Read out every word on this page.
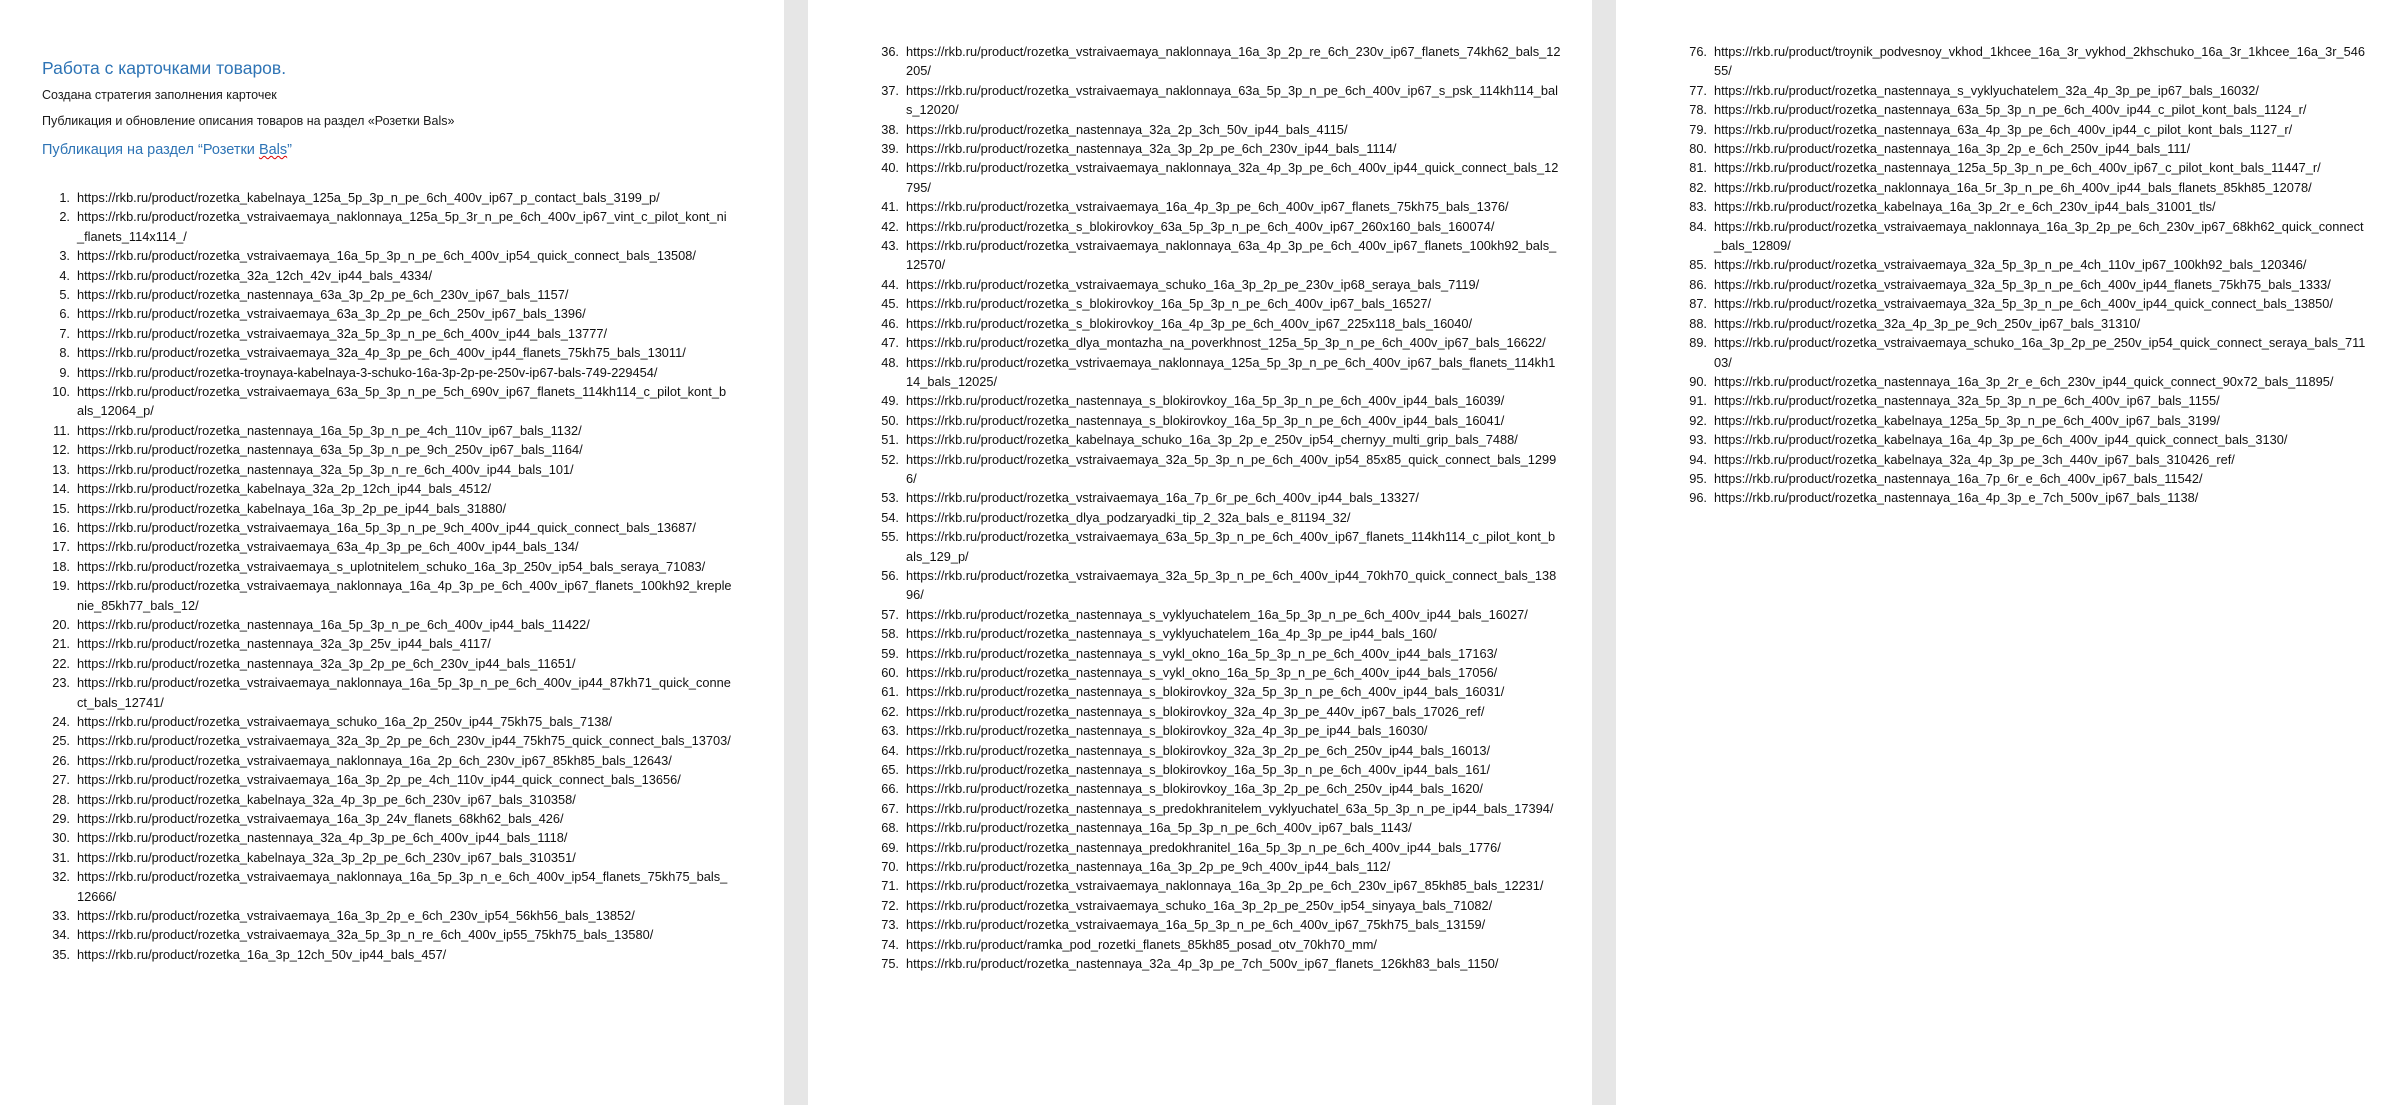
Работа с карточками товаров.
Создана стратегия заполнения карточек
Публикация и обновление описания товаров на раздел «Розетки Bals»
Публикация на раздел “Розетки Bals”
1. https://rkb.ru/product/rozetka_kabelnaya_125a_5p_3p_n_pe_6ch_400v_ip67_p_contact_bals_3199_p/
2. https://rkb.ru/product/rozetka_vstraivaemaya_naklonnaya_125a_5p_3r_n_pe_6ch_400v_ip67_vint_c_pilot_kont_ni_flanets_114x114_/
3. https://rkb.ru/product/rozetka_vstraivaemaya_16a_5p_3p_n_pe_6ch_400v_ip54_quick_connect_bals_13508/
4. https://rkb.ru/product/rozetka_32a_12ch_42v_ip44_bals_4334/
5. https://rkb.ru/product/rozetka_nastennaya_63a_3p_2p_pe_6ch_230v_ip67_bals_1157/
6. https://rkb.ru/product/rozetka_vstraivaemaya_63a_3p_2p_pe_6ch_250v_ip67_bals_1396/
7. https://rkb.ru/product/rozetka_vstraivaemaya_32a_5p_3p_n_pe_6ch_400v_ip44_bals_13777/
8. https://rkb.ru/product/rozetka_vstraivaemaya_32a_4p_3p_pe_6ch_400v_ip44_flanets_75kh75_bals_13011/
9. https://rkb.ru/product/rozetka-troynaya-kabelnaya-3-schuko-16a-3p-2p-pe-250v-ip67-bals-749-229454/
10. https://rkb.ru/product/rozetka_vstraivaemaya_63a_5p_3p_n_pe_5ch_690v_ip67_flanets_114kh114_c_pilot_kont_bals_12064_p/
11. https://rkb.ru/product/rozetka_nastennaya_16a_5p_3p_n_pe_4ch_110v_ip67_bals_1132/
12. https://rkb.ru/product/rozetka_nastennaya_63a_5p_3p_n_pe_9ch_250v_ip67_bals_1164/
13. https://rkb.ru/product/rozetka_nastennaya_32a_5p_3p_n_re_6ch_400v_ip44_bals_101/
14. https://rkb.ru/product/rozetka_kabelnaya_32a_2p_12ch_ip44_bals_4512/
15. https://rkb.ru/product/rozetka_kabelnaya_16a_3p_2p_pe_ip44_bals_31880/
16. https://rkb.ru/product/rozetka_vstraivaemaya_16a_5p_3p_n_pe_9ch_400v_ip44_quick_connect_bals_13687/
17. https://rkb.ru/product/rozetka_vstraivaemaya_63a_4p_3p_pe_6ch_400v_ip44_bals_134/
18. https://rkb.ru/product/rozetka_vstraivaemaya_s_uplotnitelem_schuko_16a_3p_250v_ip54_bals_seraya_71083/
19. https://rkb.ru/product/rozetka_vstraivaemaya_naklonnaya_16a_4p_3p_pe_6ch_400v_ip67_flanets_100kh92_kreplenie_85kh77_bals_12/
20. https://rkb.ru/product/rozetka_nastennaya_16a_5p_3p_n_pe_6ch_400v_ip44_bals_11422/
21. https://rkb.ru/product/rozetka_nastennaya_32a_3p_25v_ip44_bals_4117/
22. https://rkb.ru/product/rozetka_nastennaya_32a_3p_2p_pe_6ch_230v_ip44_bals_11651/
23. https://rkb.ru/product/rozetka_vstraivaemaya_naklonnaya_16a_5p_3p_n_pe_6ch_400v_ip44_87kh71_quick_connect_bals_12741/
24. https://rkb.ru/product/rozetka_vstraivaemaya_schuko_16a_2p_250v_ip44_75kh75_bals_7138/
25. https://rkb.ru/product/rozetka_vstraivaemaya_32a_3p_2p_pe_6ch_230v_ip44_75kh75_quick_connect_bals_13703/
26. https://rkb.ru/product/rozetka_vstraivaemaya_naklonnaya_16a_2p_6ch_230v_ip67_85kh85_bals_12643/
27. https://rkb.ru/product/rozetka_vstraivaemaya_16a_3p_2p_pe_4ch_110v_ip44_quick_connect_bals_13656/
28. https://rkb.ru/product/rozetka_kabelnaya_32a_4p_3p_pe_6ch_230v_ip67_bals_310358/
29. https://rkb.ru/product/rozetka_vstraivaemaya_16a_3p_24v_flanets_68kh62_bals_426/
30. https://rkb.ru/product/rozetka_nastennaya_32a_4p_3p_pe_6ch_400v_ip44_bals_1118/
31. https://rkb.ru/product/rozetka_kabelnaya_32a_3p_2p_pe_6ch_230v_ip67_bals_310351/
32. https://rkb.ru/product/rozetka_vstraivaemaya_naklonnaya_16a_5p_3p_n_e_6ch_400v_ip54_flanets_75kh75_bals_12666/
33. https://rkb.ru/product/rozetka_vstraivaemaya_16a_3p_2p_e_6ch_230v_ip54_56kh56_bals_13852/
34. https://rkb.ru/product/rozetka_vstraivaemaya_32a_5p_3p_n_re_6ch_400v_ip55_75kh75_bals_13580/
35. https://rkb.ru/product/rozetka_16a_3p_12ch_50v_ip44_bals_457/
36. https://rkb.ru/product/rozetka_vstraivaemaya_naklonnaya_16a_3p_2p_re_6ch_230v_ip67_flanets_74kh62_bals_12205/
37. https://rkb.ru/product/rozetka_vstraivaemaya_naklonnaya_63a_5p_3p_n_pe_6ch_400v_ip67_s_psk_114kh114_bals_12020/
38. https://rkb.ru/product/rozetka_nastennaya_32a_2p_3ch_50v_ip44_bals_4115/
39. https://rkb.ru/product/rozetka_nastennaya_32a_3p_2p_pe_6ch_230v_ip44_bals_1114/
40. https://rkb.ru/product/rozetka_vstraivaemaya_naklonnaya_32a_4p_3p_pe_6ch_400v_ip44_quick_connect_bals_12795/
41. https://rkb.ru/product/rozetka_vstraivaemaya_16a_4p_3p_pe_6ch_400v_ip67_flanets_75kh75_bals_1376/
42. https://rkb.ru/product/rozetka_s_blokirovkoy_63a_5p_3p_n_pe_6ch_400v_ip67_260x160_bals_160074/
43. https://rkb.ru/product/rozetka_vstraivaemaya_naklonnaya_63a_4p_3p_pe_6ch_400v_ip67_flanets_100kh92_bals_12570/
44. https://rkb.ru/product/rozetka_vstraivaemaya_schuko_16a_3p_2p_pe_230v_ip68_seraya_bals_7119/
45. https://rkb.ru/product/rozetka_s_blokirovkoy_16a_5p_3p_n_pe_6ch_400v_ip67_bals_16527/
46. https://rkb.ru/product/rozetka_s_blokirovkoy_16a_4p_3p_pe_6ch_400v_ip67_225x118_bals_16040/
47. https://rkb.ru/product/rozetka_dlya_montazha_na_poverkhnost_125a_5p_3p_n_pe_6ch_400v_ip67_bals_16622/
48. https://rkb.ru/product/rozetka_vstrivaemaya_naklonnaya_125a_5p_3p_n_pe_6ch_400v_ip67_bals_flanets_114kh114_bals_12025/
49. https://rkb.ru/product/rozetka_nastennaya_s_blokirovkoy_16a_5p_3p_n_pe_6ch_400v_ip44_bals_16039/
50. https://rkb.ru/product/rozetka_nastennaya_s_blokirovkoy_16a_5p_3p_n_pe_6ch_400v_ip44_bals_16041/
51. https://rkb.ru/product/rozetka_kabelnaya_schuko_16a_3p_2p_e_250v_ip54_chernyy_multi_grip_bals_7488/
52. https://rkb.ru/product/rozetka_vstraivaemaya_32a_5p_3p_n_pe_6ch_400v_ip54_85x85_quick_connect_bals_12996/
53. https://rkb.ru/product/rozetka_vstraivaemaya_16a_7p_6r_pe_6ch_400v_ip44_bals_13327/
54. https://rkb.ru/product/rozetka_dlya_podzaryadki_tip_2_32a_bals_e_81194_32/
55. https://rkb.ru/product/rozetka_vstraivaemaya_63a_5p_3p_n_pe_6ch_400v_ip67_flanets_114kh114_c_pilot_kont_bals_129_p/
56. https://rkb.ru/product/rozetka_vstraivaemaya_32a_5p_3p_n_pe_6ch_400v_ip44_70kh70_quick_connect_bals_13896/
57. https://rkb.ru/product/rozetka_nastennaya_s_vyklyuchatelem_16a_5p_3p_n_pe_6ch_400v_ip44_bals_16027/
58. https://rkb.ru/product/rozetka_nastennaya_s_vyklyuchatelem_16a_4p_3p_pe_ip44_bals_160/
59. https://rkb.ru/product/rozetka_nastennaya_s_vykl_okno_16a_5p_3p_n_pe_6ch_400v_ip44_bals_17163/
60. https://rkb.ru/product/rozetka_nastennaya_s_vykl_okno_16a_5p_3p_n_pe_6ch_400v_ip44_bals_17056/
61. https://rkb.ru/product/rozetka_nastennaya_s_blokirovkoy_32a_5p_3p_n_pe_6ch_400v_ip44_bals_16031/
62. https://rkb.ru/product/rozetka_nastennaya_s_blokirovkoy_32a_4p_3p_pe_440v_ip67_bals_17026_ref/
63. https://rkb.ru/product/rozetka_nastennaya_s_blokirovkoy_32a_4p_3p_pe_ip44_bals_16030/
64. https://rkb.ru/product/rozetka_nastennaya_s_blokirovkoy_32a_3p_2p_pe_6ch_250v_ip44_bals_16013/
65. https://rkb.ru/product/rozetka_nastennaya_s_blokirovkoy_16a_5p_3p_n_pe_6ch_400v_ip44_bals_161/
66. https://rkb.ru/product/rozetka_nastennaya_s_blokirovkoy_16a_3p_2p_pe_6ch_250v_ip44_bals_1620/
67. https://rkb.ru/product/rozetka_nastennaya_s_predokhranitelem_vyklyuchatel_63a_5p_3p_n_pe_ip44_bals_17394/
68. https://rkb.ru/product/rozetka_nastennaya_16a_5p_3p_n_pe_6ch_400v_ip67_bals_1143/
69. https://rkb.ru/product/rozetka_nastennaya_predokhranitel_16a_5p_3p_n_pe_6ch_400v_ip44_bals_1776/
70. https://rkb.ru/product/rozetka_nastennaya_16a_3p_2p_pe_9ch_400v_ip44_bals_112/
71. https://rkb.ru/product/rozetka_vstraivaemaya_naklonnaya_16a_3p_2p_pe_6ch_230v_ip67_85kh85_bals_12231/
72. https://rkb.ru/product/rozetka_vstraivaemaya_schuko_16a_3p_2p_pe_250v_ip54_sinyaya_bals_71082/
73. https://rkb.ru/product/rozetka_vstraivaemaya_16a_5p_3p_n_pe_6ch_400v_ip67_75kh75_bals_13159/
74. https://rkb.ru/product/ramka_pod_rozetki_flanets_85kh85_posad_otv_70kh70_mm/
75. https://rkb.ru/product/rozetka_nastennaya_32a_4p_3p_pe_7ch_500v_ip67_flanets_126kh83_bals_1150/
76. https://rkb.ru/product/troynik_podvesnoy_vkhod_1khcee_16a_3r_vykhod_2khschuko_16a_3r_1khcee_16a_3r_54655/
77. https://rkb.ru/product/rozetka_nastennaya_s_vyklyuchatelem_32a_4p_3p_pe_ip67_bals_16032/
78. https://rkb.ru/product/rozetka_nastennaya_63a_5p_3p_n_pe_6ch_400v_ip44_c_pilot_kont_bals_1124_r/
79. https://rkb.ru/product/rozetka_nastennaya_63a_4p_3p_pe_6ch_400v_ip44_c_pilot_kont_bals_1127_r/
80. https://rkb.ru/product/rozetka_nastennaya_16a_3p_2p_e_6ch_250v_ip44_bals_111/
81. https://rkb.ru/product/rozetka_nastennaya_125a_5p_3p_n_pe_6ch_400v_ip67_c_pilot_kont_bals_11447_r/
82. https://rkb.ru/product/rozetka_naklonnaya_16a_5r_3p_n_pe_6h_400v_ip44_bals_flanets_85kh85_12078/
83. https://rkb.ru/product/rozetka_kabelnaya_16a_3p_2r_e_6ch_230v_ip44_bals_31001_tls/
84. https://rkb.ru/product/rozetka_vstraivaemaya_naklonnaya_16a_3p_2p_pe_6ch_230v_ip67_68kh62_quick_connect_bals_12809/
85. https://rkb.ru/product/rozetka_vstraivaemaya_32a_5p_3p_n_pe_4ch_110v_ip67_100kh92_bals_120346/
86. https://rkb.ru/product/rozetka_vstraivaemaya_32a_5p_3p_n_pe_6ch_400v_ip44_flanets_75kh75_bals_1333/
87. https://rkb.ru/product/rozetka_vstraivaemaya_32a_5p_3p_n_pe_6ch_400v_ip44_quick_connect_bals_13850/
88. https://rkb.ru/product/rozetka_32a_4p_3p_pe_9ch_250v_ip67_bals_31310/
89. https://rkb.ru/product/rozetka_vstraivaemaya_schuko_16a_3p_2p_pe_250v_ip54_quick_connect_seraya_bals_71103/
90. https://rkb.ru/product/rozetka_nastennaya_16a_3p_2r_e_6ch_230v_ip44_quick_connect_90x72_bals_11895/
91. https://rkb.ru/product/rozetka_nastennaya_32a_5p_3p_n_pe_6ch_400v_ip67_bals_1155/
92. https://rkb.ru/product/rozetka_kabelnaya_125a_5p_3p_n_pe_6ch_400v_ip67_bals_3199/
93. https://rkb.ru/product/rozetka_kabelnaya_16a_4p_3p_pe_6ch_400v_ip44_quick_connect_bals_3130/
94. https://rkb.ru/product/rozetka_kabelnaya_32a_4p_3p_pe_3ch_440v_ip67_bals_310426_ref/
95. https://rkb.ru/product/rozetka_nastennaya_16a_7p_6r_e_6ch_400v_ip67_bals_11542/
96. https://rkb.ru/product/rozetka_nastennaya_16a_4p_3p_e_7ch_500v_ip67_bals_1138/
